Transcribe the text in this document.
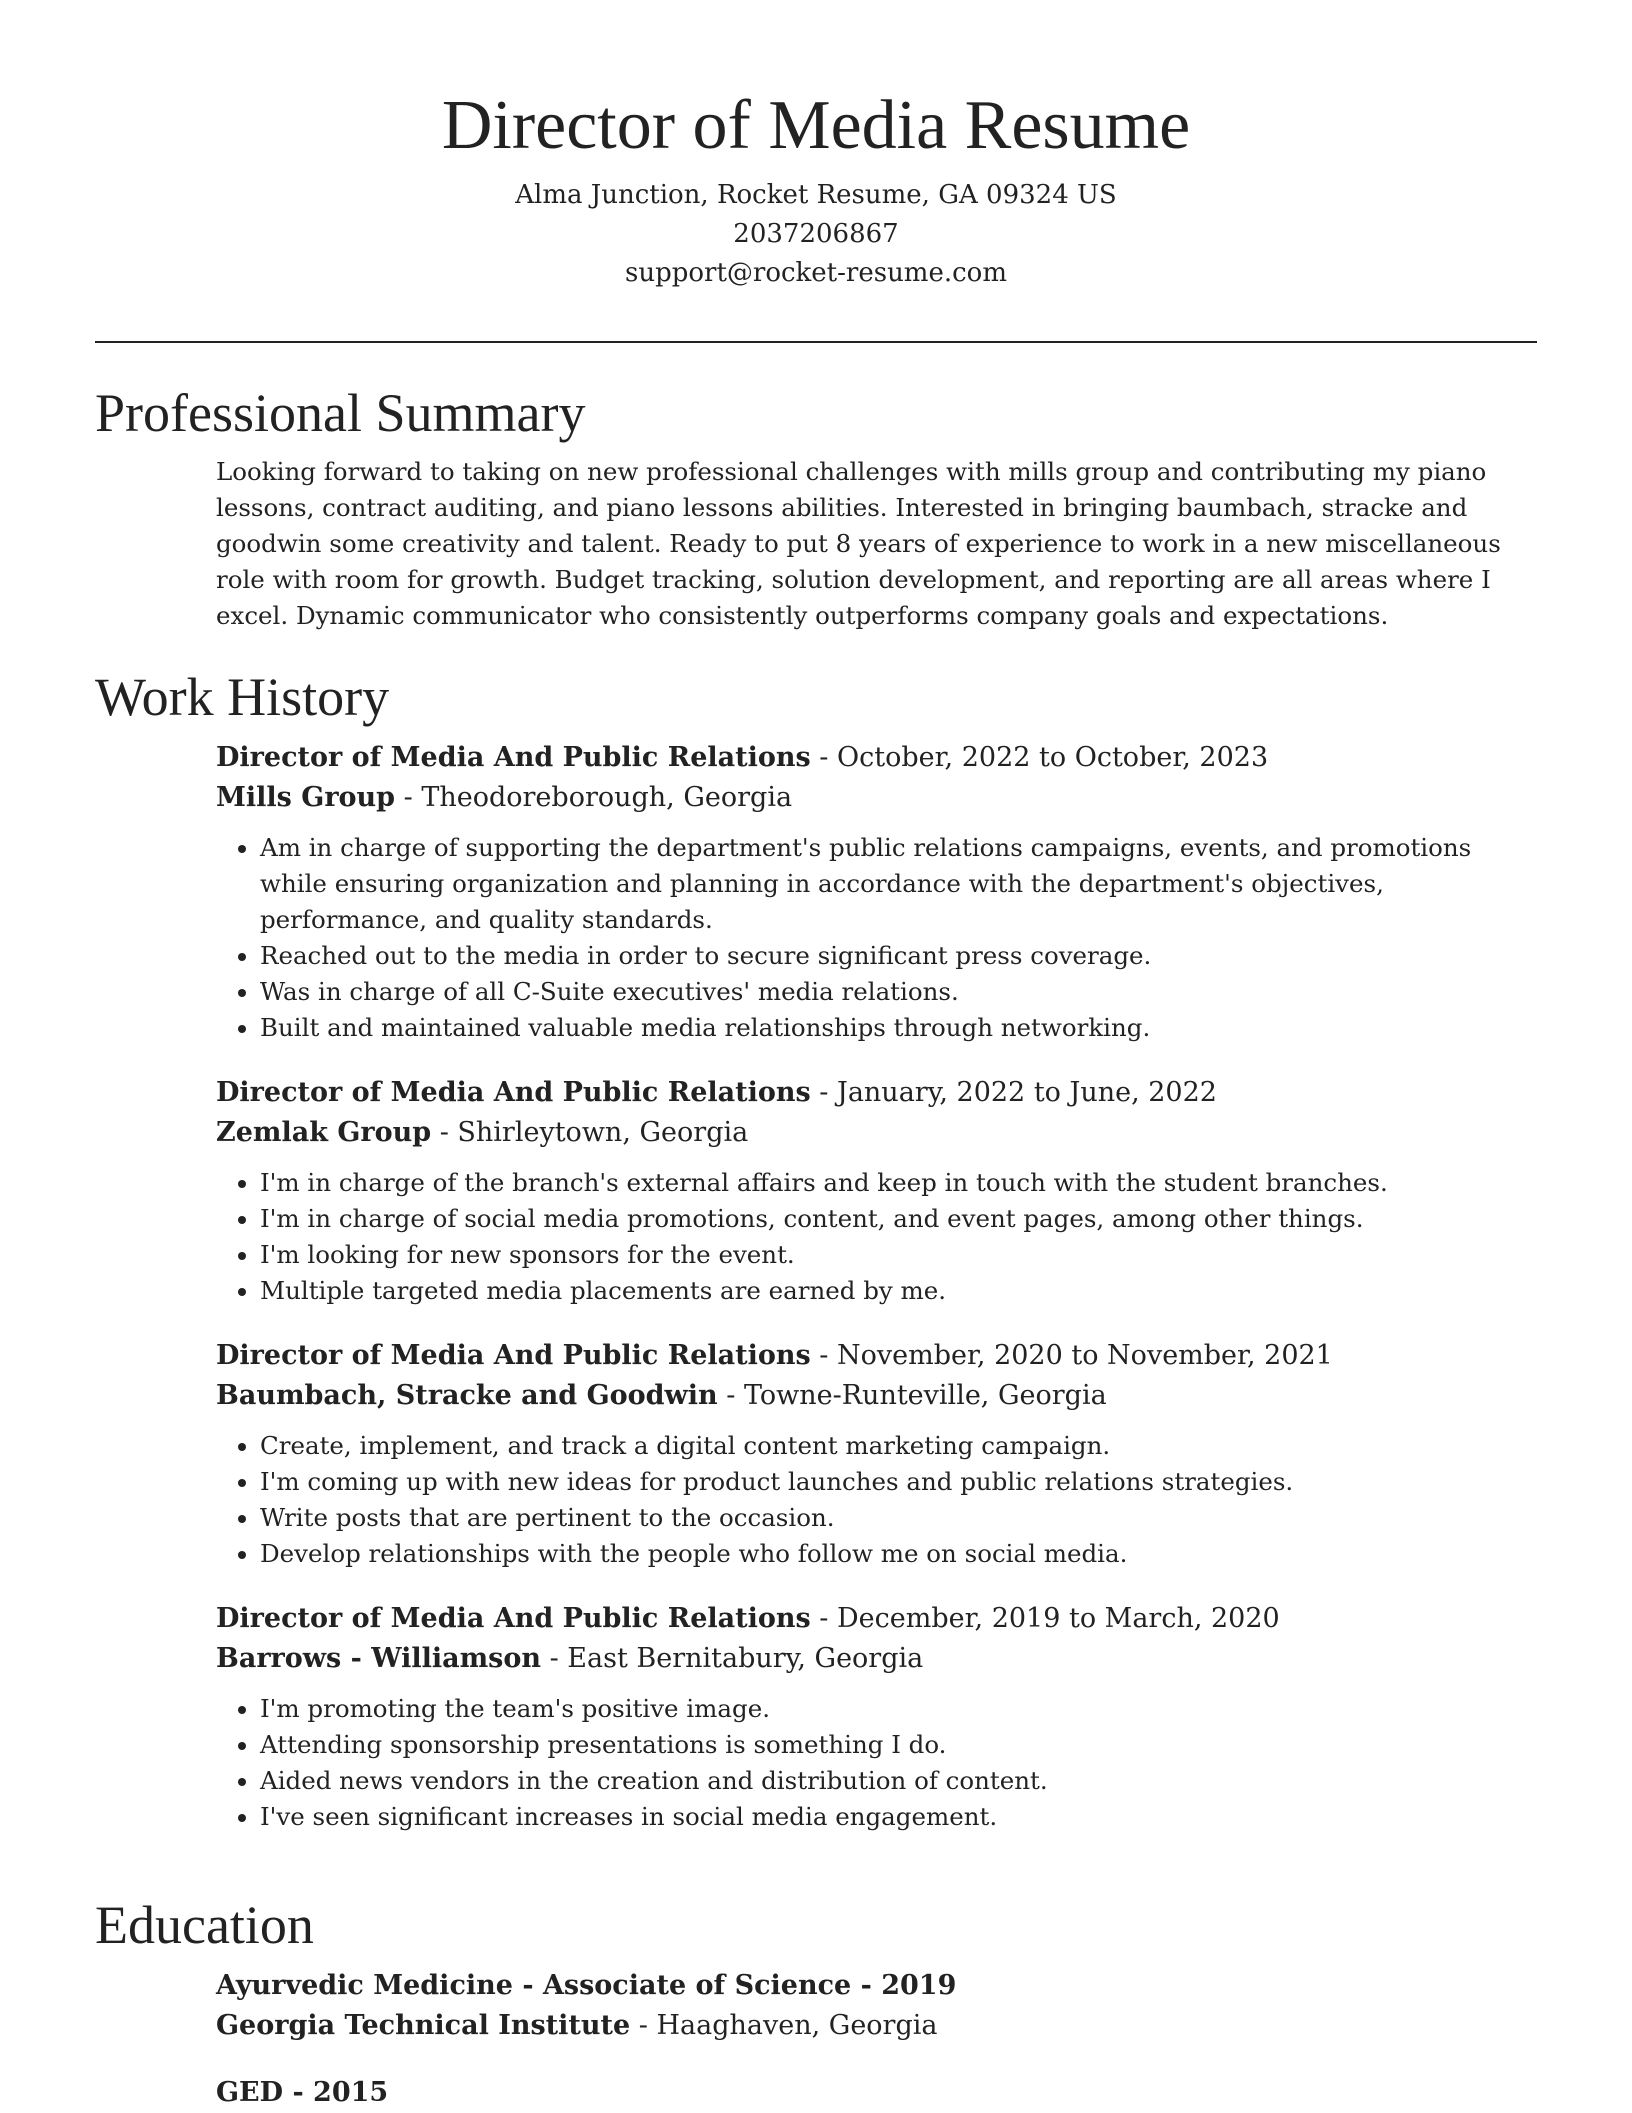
Director of Media Resume
Alma Junction, Rocket Resume, GA 09324 US
2037206867
support@rocket-resume.com
Professional Summary

Looking forward to taking on new professional challenges with mills group and contributing my piano lessons, contract auditing, and piano lessons abilities. Interested in bringing baumbach, stracke and goodwin some creativity and talent. Ready to put 8 years of experience to work in a new miscellaneous role with room for growth. Budget tracking, solution development, and reporting are all areas where I excel. Dynamic communicator who consistently outperforms company goals and expectations.

Work History
Director of Media And Public Relations - October, 2022 to October, 2023
Mills Group - Theodoreborough, Georgia
• Am in charge of supporting the department's public relations campaigns, events, and promotions while ensuring organization and planning in accordance with the department's objectives, performance, and quality standards.
• Reached out to the media in order to secure significant press coverage.
• Was in charge of all C-Suite executives' media relations.
• Built and maintained valuable media relationships through networking.
Director of Media And Public Relations - January, 2022 to June, 2022
Zemlak Group - Shirleytown, Georgia
• I'm in charge of the branch's external affairs and keep in touch with the student branches.
• I'm in charge of social media promotions, content, and event pages, among other things.
• I'm looking for new sponsors for the event.
• Multiple targeted media placements are earned by me.
Director of Media And Public Relations - November, 2020 to November, 2021
Baumbach, Stracke and Goodwin - Towne-Runteville, Georgia
• Create, implement, and track a digital content marketing campaign.
• I'm coming up with new ideas for product launches and public relations strategies.
• Write posts that are pertinent to the occasion.
• Develop relationships with the people who follow me on social media.
Director of Media And Public Relations - December, 2019 to March, 2020
Barrows - Williamson - East Bernitabury, Georgia
• I'm promoting the team's positive image.
• Attending sponsorship presentations is something I do.
• Aided news vendors in the creation and distribution of content.
• I've seen significant increases in social media engagement.
Education
Ayurvedic Medicine - Associate of Science - 2019
Georgia Technical Institute - Haaghaven, Georgia
GED - 2015
